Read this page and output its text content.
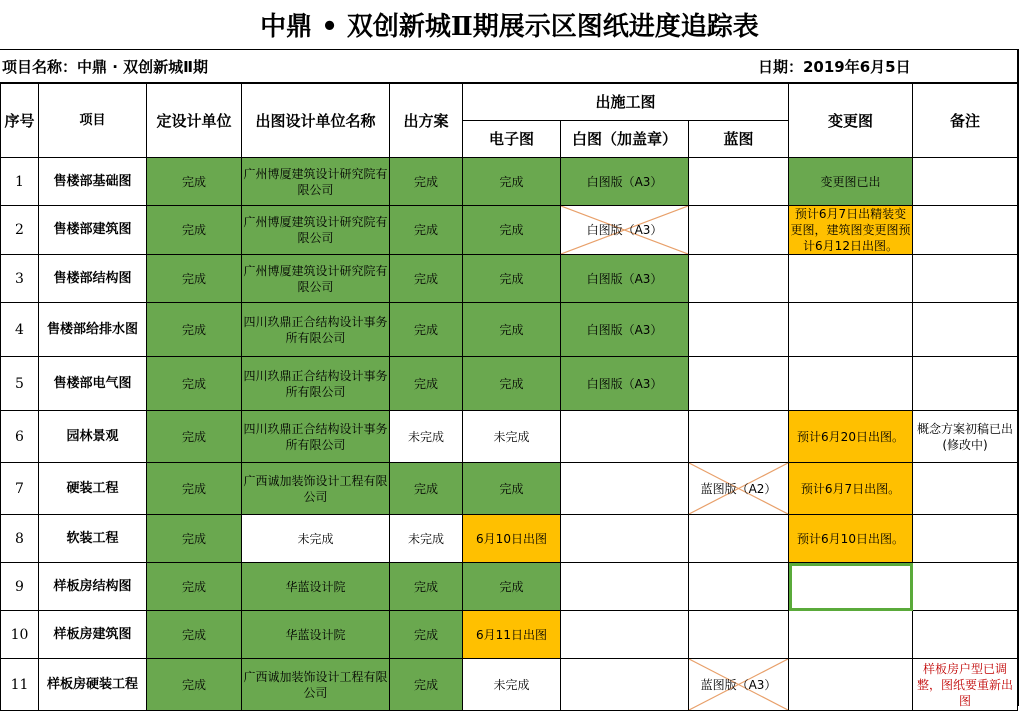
中鼎 • 双创新城Ⅱ期展示区图纸进度追踪表
项目名称：中鼎 · 双创新城Ⅱ期	日期：2019年6月5日
序号	项目	定设计单位	出图设计单位名称	出方案	出施工图			变更图	备注
					电子图	白图（加盖章）	蓝图		
1	售楼部基础图	完成	广州博厦建筑设计研究院有限公司	完成	完成	白图版（A3）		变更图已出	
2	售楼部建筑图	完成	广州博厦建筑设计研究院有限公司	完成	完成	白图版（A3）		预计6月7日出精装变更图，建筑图变更图预计6月12日出图。	
3	售楼部结构图	完成	广州博厦建筑设计研究院有限公司	完成	完成	白图版（A3）			
4	售楼部给排水图	完成	四川玖鼎正合结构设计事务所有限公司	完成	完成	白图版（A3）			
5	售楼部电气图	完成	四川玖鼎正合结构设计事务所有限公司	完成	完成	白图版（A3）			
6	园林景观	完成	四川玖鼎正合结构设计事务所有限公司	未完成	未完成			预计6月20日出图。	概念方案初稿已出(修改中)
7	硬装工程	完成	广西诚加装饰设计工程有限公司	完成	完成		蓝图版（A2）	预计6月7日出图。	
8	软装工程	完成	未完成	未完成	6月10日出图			预计6月10日出图。	
9	样板房结构图	完成	华蓝设计院	完成	完成				
10	样板房建筑图	完成	华蓝设计院	完成	6月11日出图				
11	样板房硬装工程	完成	广西诚加装饰设计工程有限公司	完成	未完成		蓝图版（A3）		样板房户型已调整，图纸要重新出图
